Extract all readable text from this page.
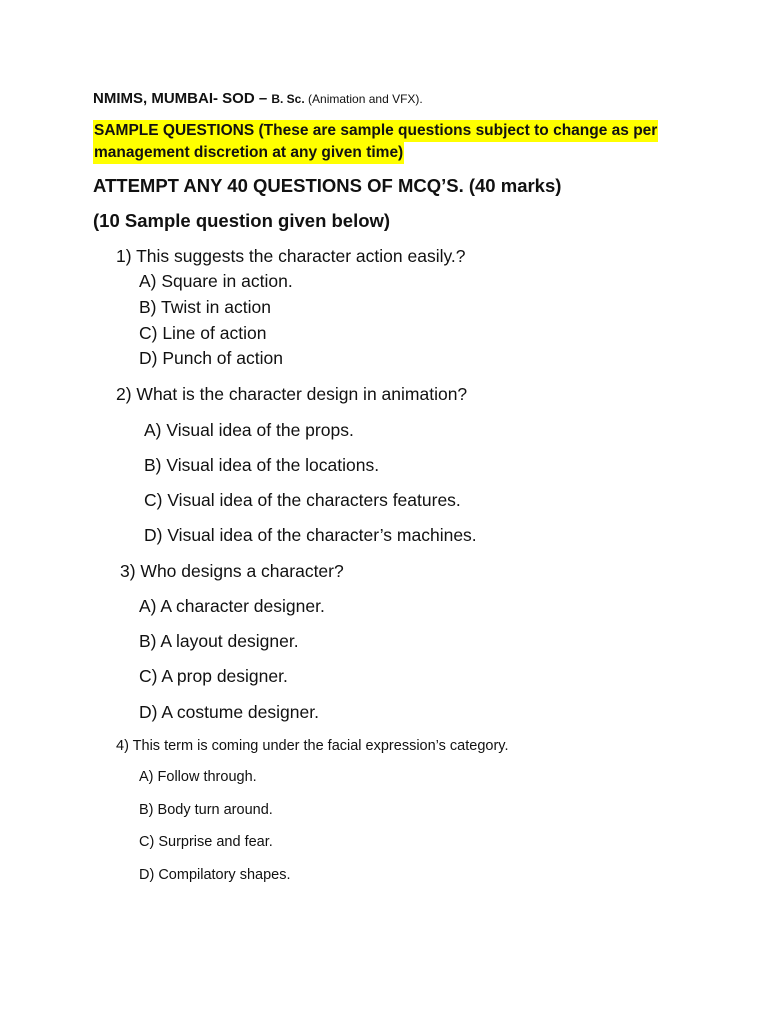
NMIMS, MUMBAI- SOD – B. Sc. (Animation and VFX).
SAMPLE QUESTIONS (These are sample questions subject to change as per
management discretion at any given time)
ATTEMPT ANY 40 QUESTIONS OF MCQ’S. (40 marks)
(10 Sample question given below)
1) This suggests the character action easily.?
A) Square in action.
B) Twist in action
C) Line of action
D) Punch of action
2) What is the character design in animation?
A) Visual idea of the props.
B) Visual idea of the locations.
C) Visual idea of the characters features.
D) Visual idea of the character’s machines.
3) Who designs a character?
A) A character designer.
B) A layout designer.
C) A prop designer.
D) A costume designer.
4) This term is coming under the facial expression’s category.
A) Follow through.
B) Body turn around.
C) Surprise and fear.
D) Compilatory shapes.
